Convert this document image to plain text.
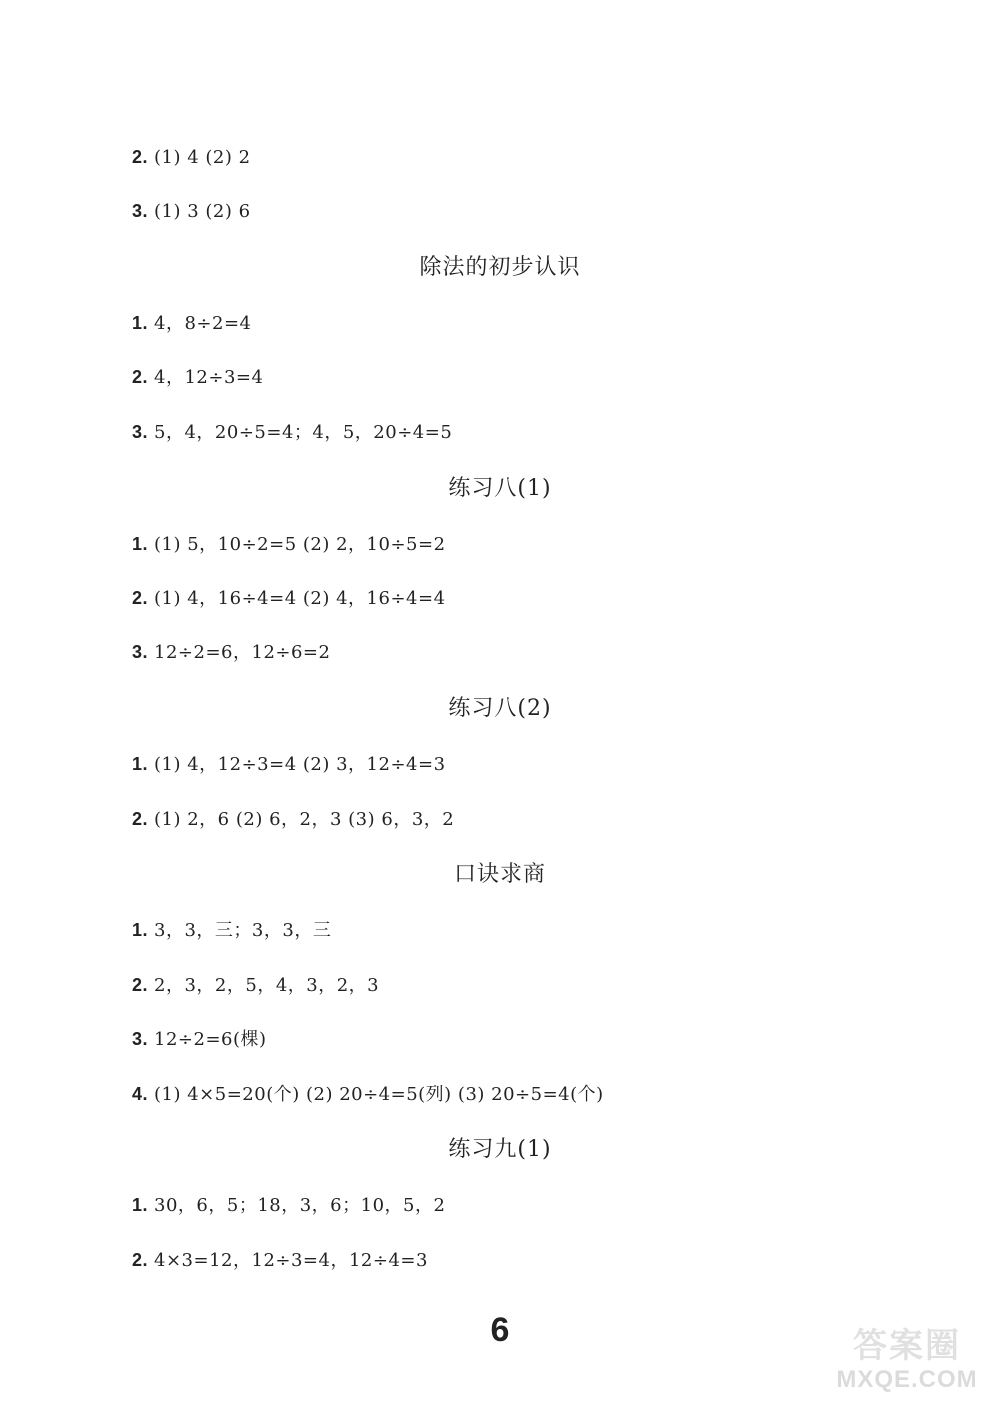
2. (1) 4 (2) 2
3. (1) 3 (2) 6
除法的初步认识
1. 4，8÷2=4
2. 4，12÷3=4
3. 5，4，20÷5=4；4，5，20÷4=5
练习八(1)
1. (1) 5，10÷2=5 (2) 2，10÷5=2
2. (1) 4，16÷4=4 (2) 4，16÷4=4
3. 12÷2=6，12÷6=2
练习八(2)
1. (1) 4，12÷3=4 (2) 3，12÷4=3
2. (1) 2，6 (2) 6，2，3 (3) 6，3，2
口诀求商
1. 3，3，三；3，3，三
2. 2，3，2，5，4，3，2，3
3. 12÷2=6(棵)
4. (1) 4×5=20(个) (2) 20÷4=5(列) (3) 20÷5=4(个)
练习九(1)
1. 30，6，5；18，3，6；10，5，2
2. 4×3=12，12÷3=4，12÷4=3
6	答案圈
MXQE.COM
